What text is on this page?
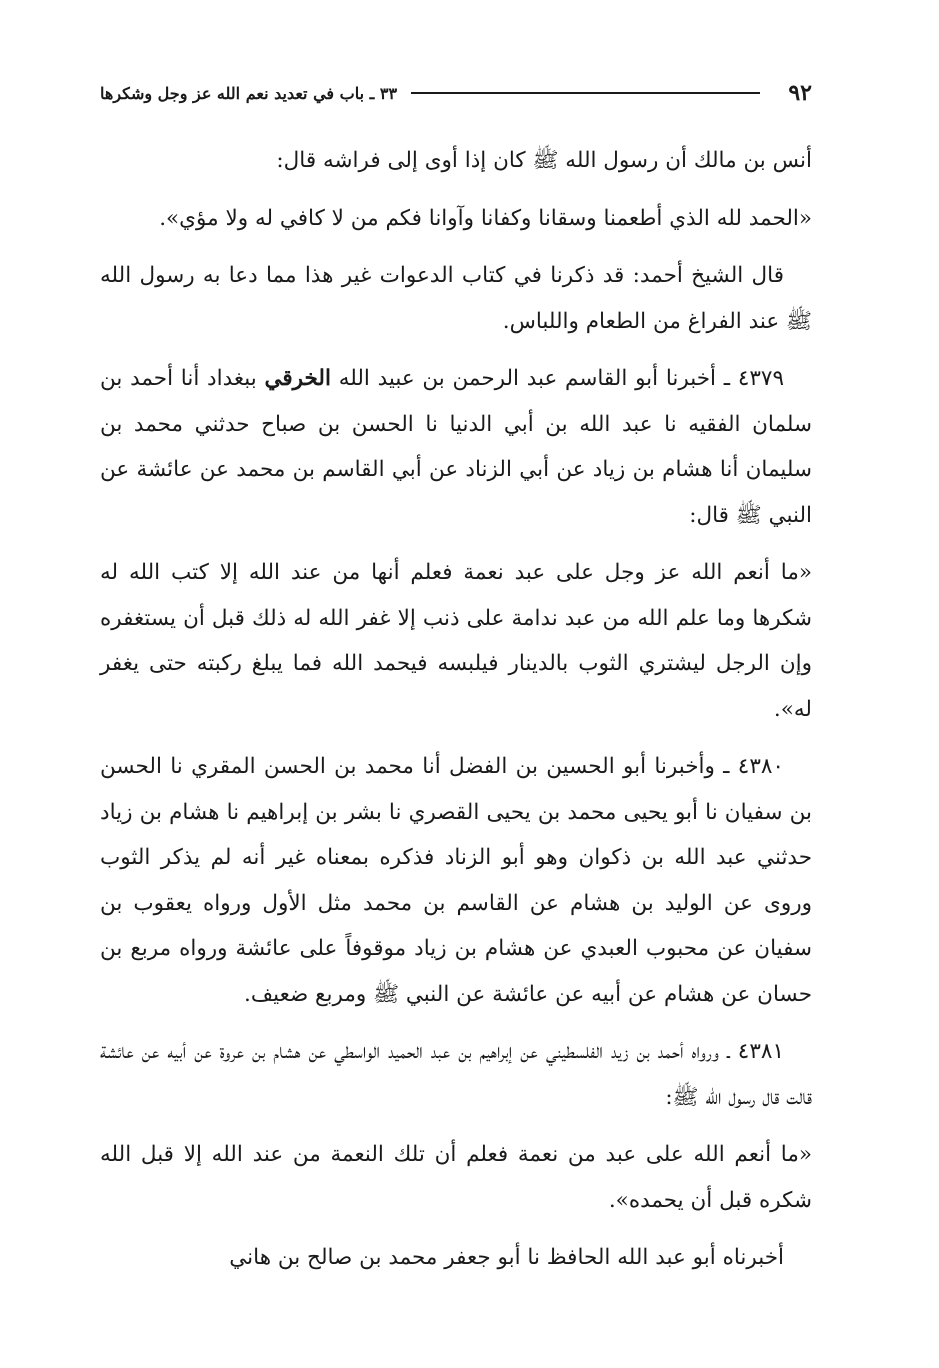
٩٢
٣٣ ـ باب في تعديد نعم الله عز وجل وشكرها

أنس بن مالك أن رسول الله ﷺ كان إذا أوى إلى فراشه قال:

«الحمد لله الذي أطعمنا وسقانا وكفانا وآوانا فكم من لا كافي له ولا مؤي».

قال الشيخ أحمد: قد ذكرنا في كتاب الدعوات غير هذا مما دعا به رسول الله ﷺ عند الفراغ من الطعام واللباس.

٤٣٧٩ ـ أخبرنا أبو القاسم عبد الرحمن بن عبيد الله الخرقي ببغداد أنا أحمد بن سلمان الفقيه نا عبد الله بن أبي الدنيا نا الحسن بن صباح حدثني محمد بن سليمان أنا هشام بن زياد عن أبي الزناد عن أبي القاسم بن محمد عن عائشة عن النبي ﷺ قال:

«ما أنعم الله عز وجل على عبد نعمة فعلم أنها من عند الله إلا كتب الله له شكرها وما علم الله من عبد ندامة على ذنب إلا غفر الله له ذلك قبل أن يستغفره وإن الرجل ليشتري الثوب بالدينار فيلبسه فيحمد الله فما يبلغ ركبته حتى يغفر له».

٤٣٨٠ ـ وأخبرنا أبو الحسين بن الفضل أنا محمد بن الحسن المقري نا الحسن بن سفيان نا أبو يحيى محمد بن يحيى القصري نا بشر بن إبراهيم نا هشام بن زياد حدثني عبد الله بن ذكوان وهو أبو الزناد فذكره بمعناه غير أنه لم يذكر الثوب وروى عن الوليد بن هشام عن القاسم بن محمد مثل الأول ورواه يعقوب بن سفيان عن محبوب العبدي عن هشام بن زياد موقوفاً على عائشة ورواه مربع بن حسان عن هشام عن أبيه عن عائشة عن النبي ﷺ ومربع ضعيف.

٤٣٨١ ـ ورواه أحمد بن زيد الفلسطيني عن إبراهيم بن عبد الحميد الواسطي عن هشام بن عروة عن أبيه عن عائشة قالت قال رسول الله ﷺ:

«ما أنعم الله على عبد من نعمة فعلم أن تلك النعمة من عند الله إلا قبل الله شكره قبل أن يحمده».

أخبرناه أبو عبد الله الحافظ نا أبو جعفر محمد بن صالح بن هاني
